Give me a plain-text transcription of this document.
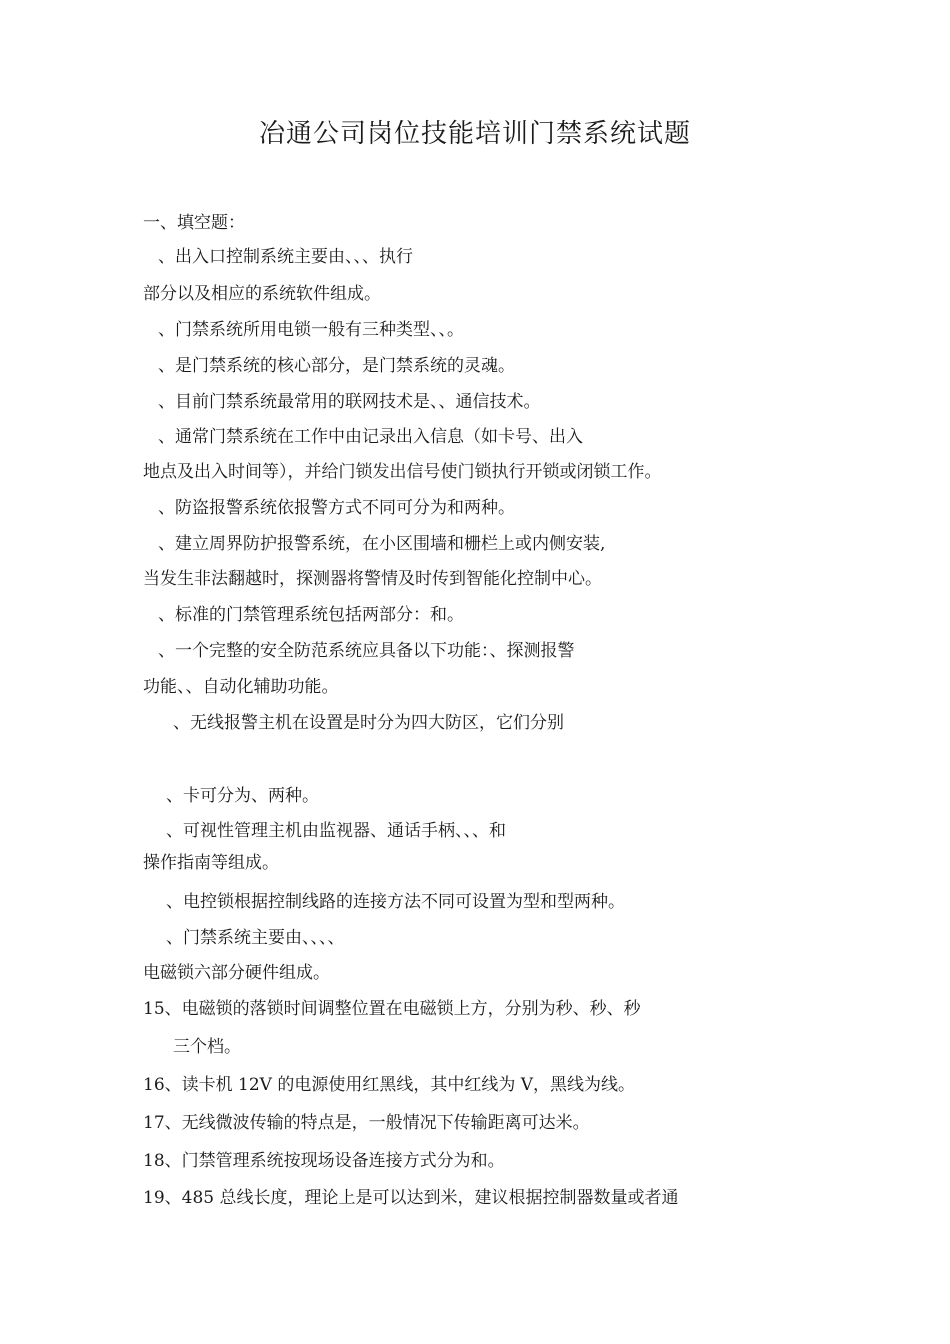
冶通公司岗位技能培训门禁系统试题
一、填空题：
、出入口控制系统主要由、、、执行
部分以及相应的系统软件组成。
、门禁系统所用电锁一般有三种类型、、。
、是门禁系统的核心部分，是门禁系统的灵魂。
、目前门禁系统最常用的联网技术是、、通信技术。
、通常门禁系统在工作中由记录出入信息（如卡号、出入
地点及出入时间等），并给门锁发出信号使门锁执行开锁或闭锁工作。
、防盗报警系统依报警方式不同可分为和两种。
、建立周界防护报警系统，在小区围墙和栅栏上或内侧安装,
当发生非法翻越时，探测器将警情及时传到智能化控制中心。
、标准的门禁管理系统包括两部分：和。
、一个完整的安全防范系统应具备以下功能：、探测报警
功能、、自动化辅助功能。
、无线报警主机在设置是时分为四大防区，它们分别
、卡可分为、两种。
、可视性管理主机由监视器、通话手柄、、、和
操作指南等组成。
、电控锁根据控制线路的连接方法不同可设置为型和型两种。
、门禁系统主要由、、、、
电磁锁六部分硬件组成。
15、电磁锁的落锁时间调整位置在电磁锁上方，分别为秒、秒、秒
三个档。
16、读卡机 12V 的电源使用红黑线，其中红线为 V，黑线为线。
17、无线微波传输的特点是，一般情况下传输距离可达米。
18、门禁管理系统按现场设备连接方式分为和。
19、485 总线长度，理论上是可以达到米，建议根据控制器数量或者通
